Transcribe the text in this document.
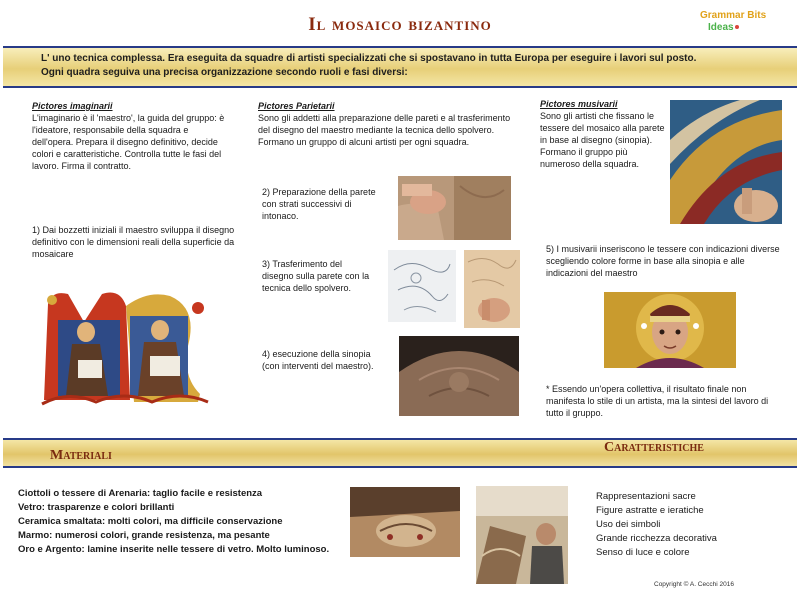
Il mosaico bizantino	Grammar Bits
Ideas
L' uno tecnica complessa. Era eseguita da squadre di artisti specializzati che si spostavano in tutta Europa per eseguire i lavori sul posto.
Ogni quadra seguiva una precisa organizzazione secondo ruoli e fasi diversi:

Pictores imaginarii

L'imaginario è il 'maestro', la guida del gruppo: è l'ideatore, responsabile della squadra e dell'opera. Prepara il disegno definitivo, decide colori e caratteristiche. Controlla tutte le fasi del lavoro. Firma il contratto.

1) Dai bozzetti iniziali il maestro sviluppa il disegno definitivo con le dimensioni reali della superficie da mosaicare

Pictores Parietarii

Sono gli addetti alla preparazione delle pareti e al trasferimento del disegno del maestro mediante la tecnica dello spolvero. Formano un gruppo di alcuni artisti per ogni squadra.

2) Preparazione della parete con strati successivi di intonaco.
3) Trasferimento del disegno sulla parete con la tecnica dello spolvero.
4) esecuzione della sinopia (con interventi del maestro).

Pictores musivarii

Sono gli artisti che fissano le tessere del mosaico alla parete in base al disegno (sinopia). Formano il gruppo più numeroso della squadra.

5) I musivarii inseriscono le tessere con indicazioni diverse scegliendo colore forme in base alla sinopia e alle indicazioni del maestro
* Essendo un'opera collettiva, il risultato finale non manifesta lo stile di un artista, ma la sintesi del lavoro di tutto il gruppo.
Materiali
Caratteristiche
Ciottoli o tessere di Arenaria: taglio facile e resistenza
Vetro: trasparenze e colori brillanti
Ceramica smaltata: molti colori, ma difficile conservazione
Marmo: numerosi colori, grande resistenza, ma pesante
Oro e Argento: lamine inserite nelle tessere di vetro. Molto luminoso.
Rappresentazioni sacre
Figure astratte e ieratiche
Uso dei simboli
Grande ricchezza decorativa
Senso di luce e colore
Copyright © A. Cecchi 2016
